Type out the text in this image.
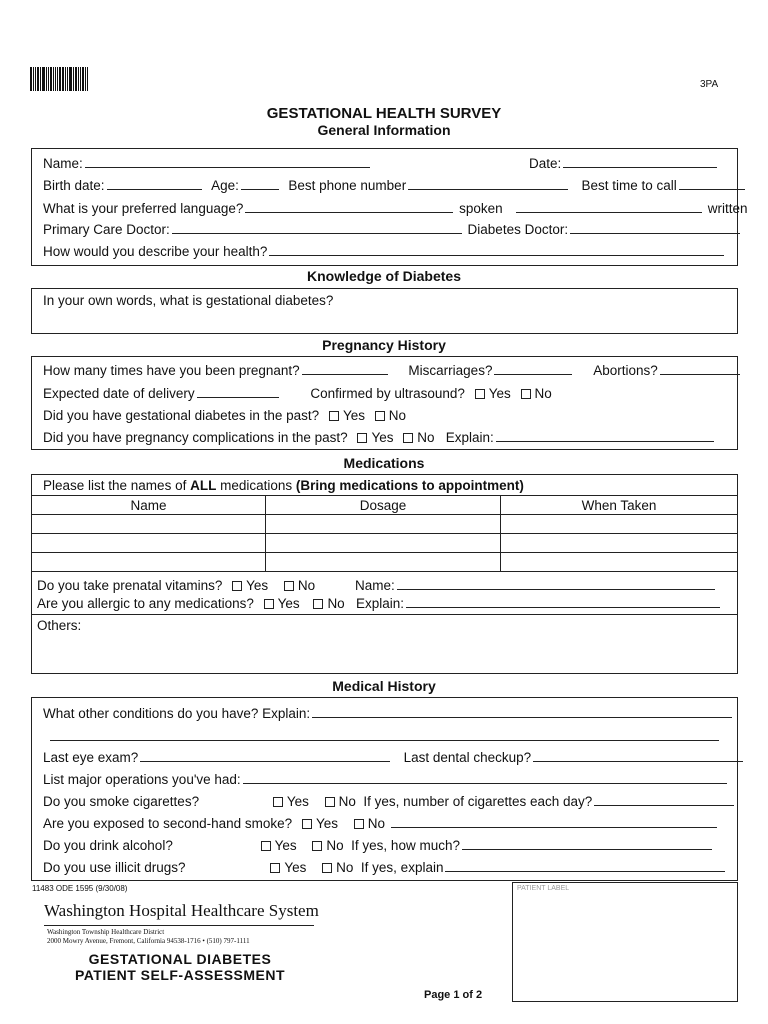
3PA
GESTATIONAL HEALTH SURVEY
General Information
Name:	Date:
Birth date:	Age:	Best phone number	Best time to call
What is your preferred language?	spoken	written
Primary Care Doctor:	Diabetes Doctor:
How would you describe your health?
Knowledge of Diabetes
In your own words, what is gestational diabetes?
Pregnancy History
How many times have you been pregnant?	Miscarriages?	Abortions?
Expected date of delivery	Confirmed by ultrasound? Yes No
Did you have gestational diabetes in the past? Yes No
Did you have pregnancy complications in the past? Yes No Explain:
Medications
Please list the names of ALL medications (Bring medications to appointment)
Name	Dosage	When Taken

Do you take prenatal vitamins? Yes No	Name:
Are you allergic to any medications? Yes No Explain:
Others:
Medical History
What other conditions do you have? Explain:
Last eye exam?	Last dental checkup?
List major operations you've had:
Do you smoke cigarettes?	Yes No If yes, number of cigarettes each day?
Are you exposed to second-hand smoke? Yes No
Do you drink alcohol?	Yes No If yes, how much?
Do you use illicit drugs?	Yes No If yes, explain
11483 ODE 1595 (9/30/08)
Washington Hospital Healthcare System
Washington Township Healthcare District
2000 Mowry Avenue, Fremont, California 94538-1716 • (510) 797-1111
GESTATIONAL DIABETES
PATIENT SELF-ASSESSMENT
PATIENT LABEL
Page 1 of 2
